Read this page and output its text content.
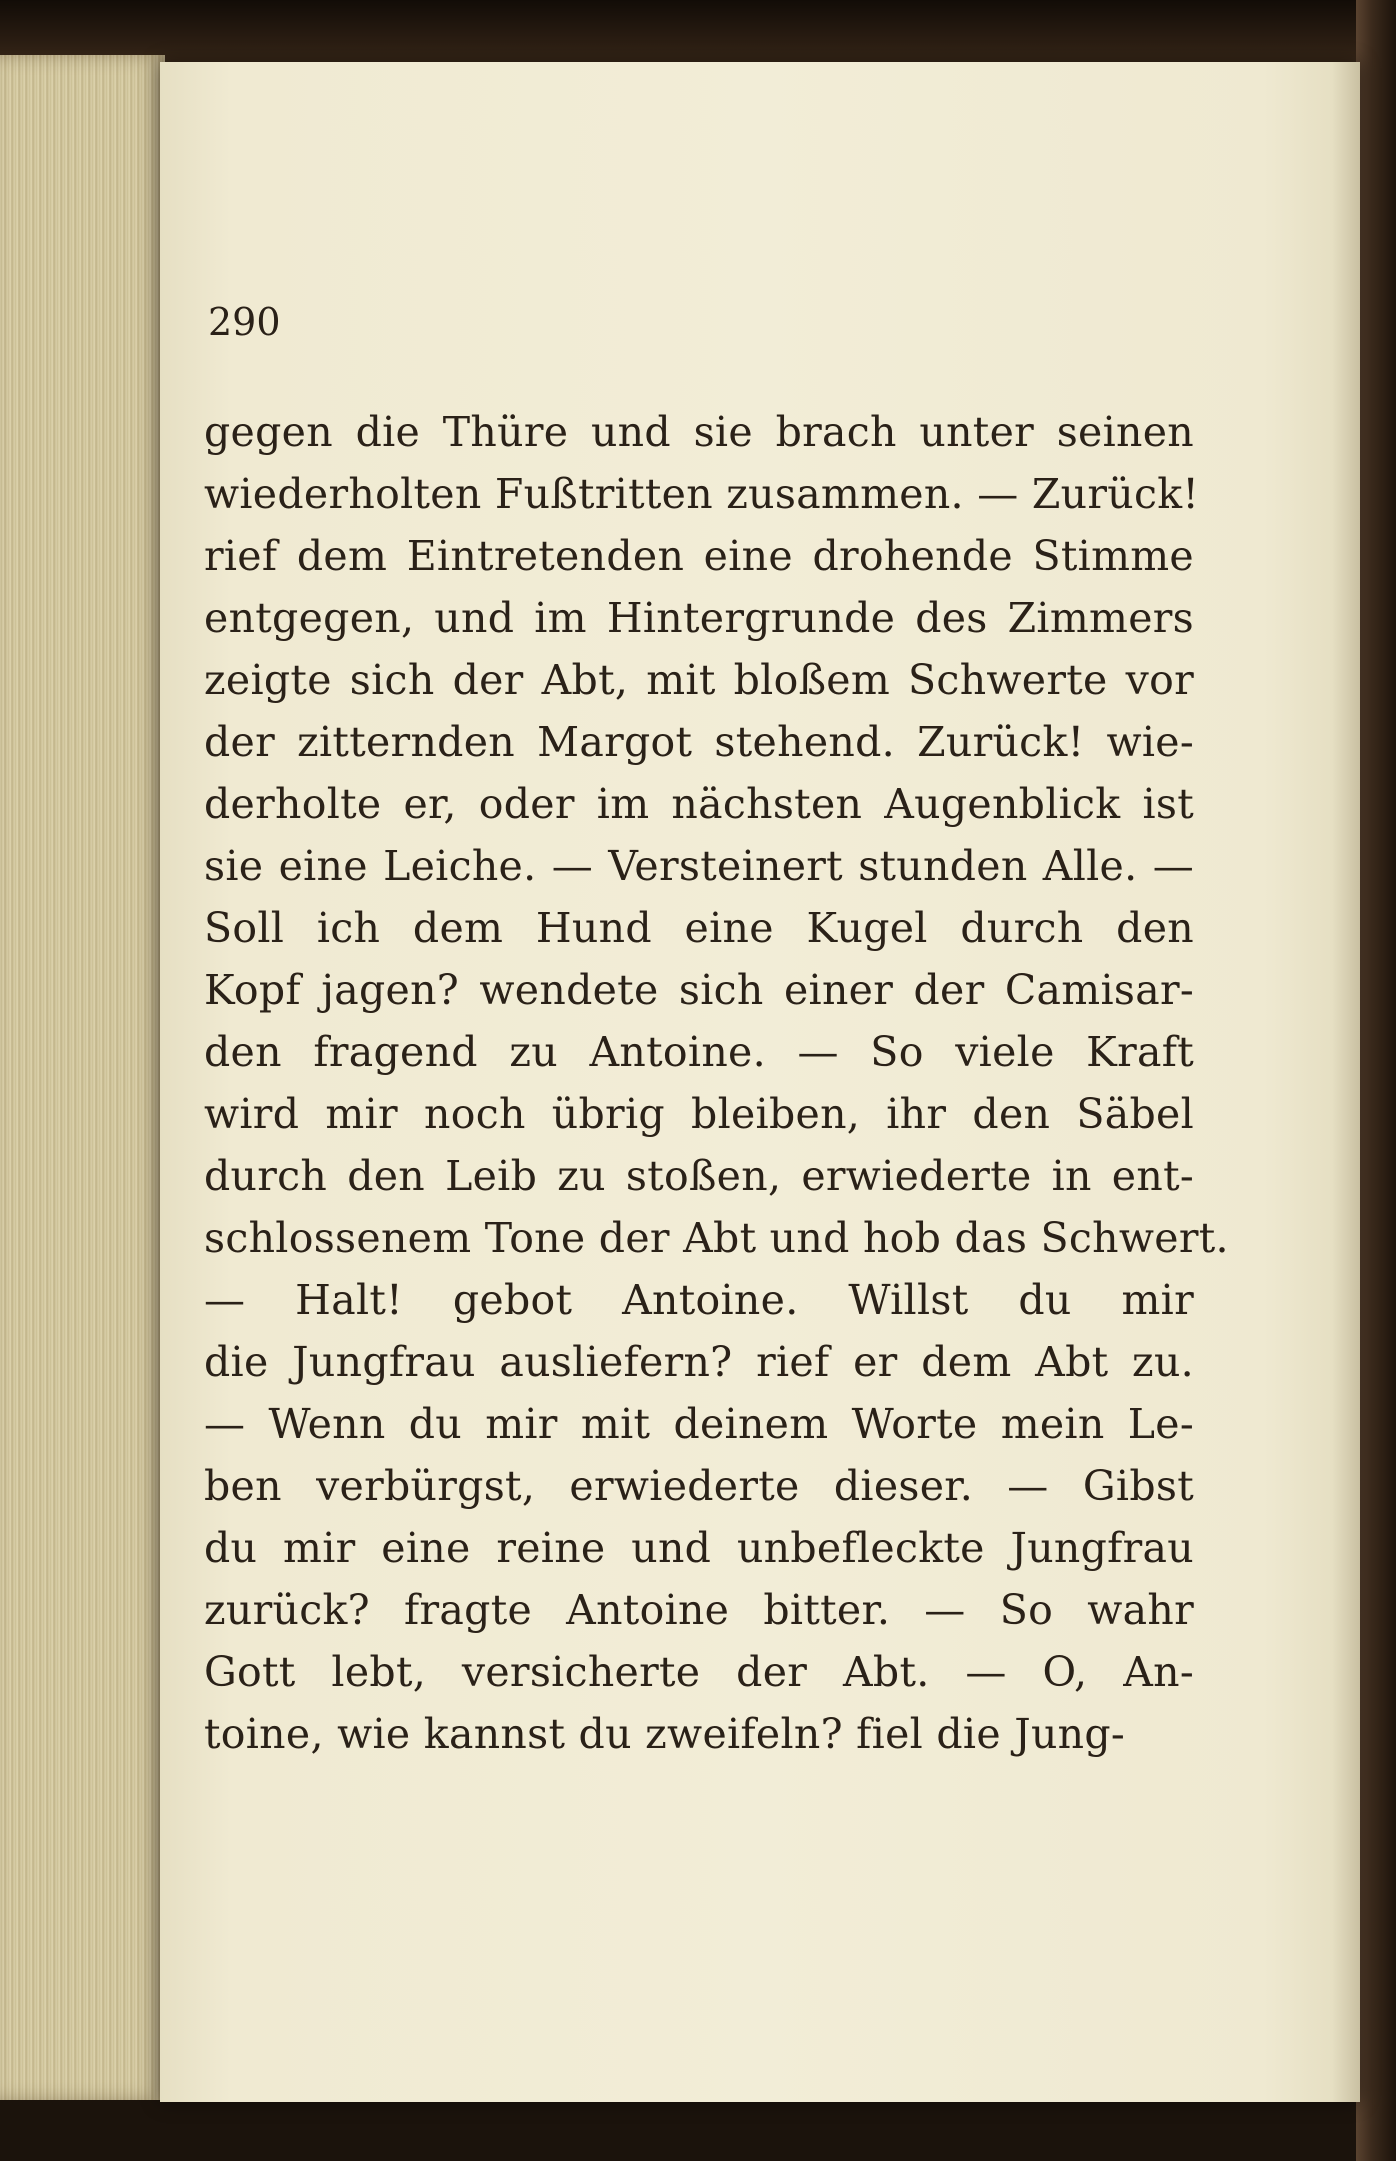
290
gegen die Thüre und sie brach unter seinen
wiederholten Fußtritten zusammen. — Zurück!
rief dem Eintretenden eine drohende Stimme
entgegen, und im Hintergrunde des Zimmers
zeigte sich der Abt, mit bloßem Schwerte vor
der zitternden Margot stehend. Zurück! wie-
derholte er, oder im nächsten Augenblick ist
sie eine Leiche. — Versteinert stunden Alle. —
Soll ich dem Hund eine Kugel durch den
Kopf jagen? wendete sich einer der Camisar-
den fragend zu Antoine. — So viele Kraft
wird mir noch übrig bleiben, ihr den Säbel
durch den Leib zu stoßen, erwiederte in ent-
schlossenem Tone der Abt und hob das Schwert.
— Halt! gebot Antoine. Willst du mir
die Jungfrau ausliefern? rief er dem Abt zu.
— Wenn du mir mit deinem Worte mein Le-
ben verbürgst, erwiederte dieser. — Gibst
du mir eine reine und unbefleckte Jungfrau
zurück? fragte Antoine bitter. — So wahr
Gott lebt, versicherte der Abt. — O, An-
toine, wie kannst du zweifeln? fiel die Jung-
